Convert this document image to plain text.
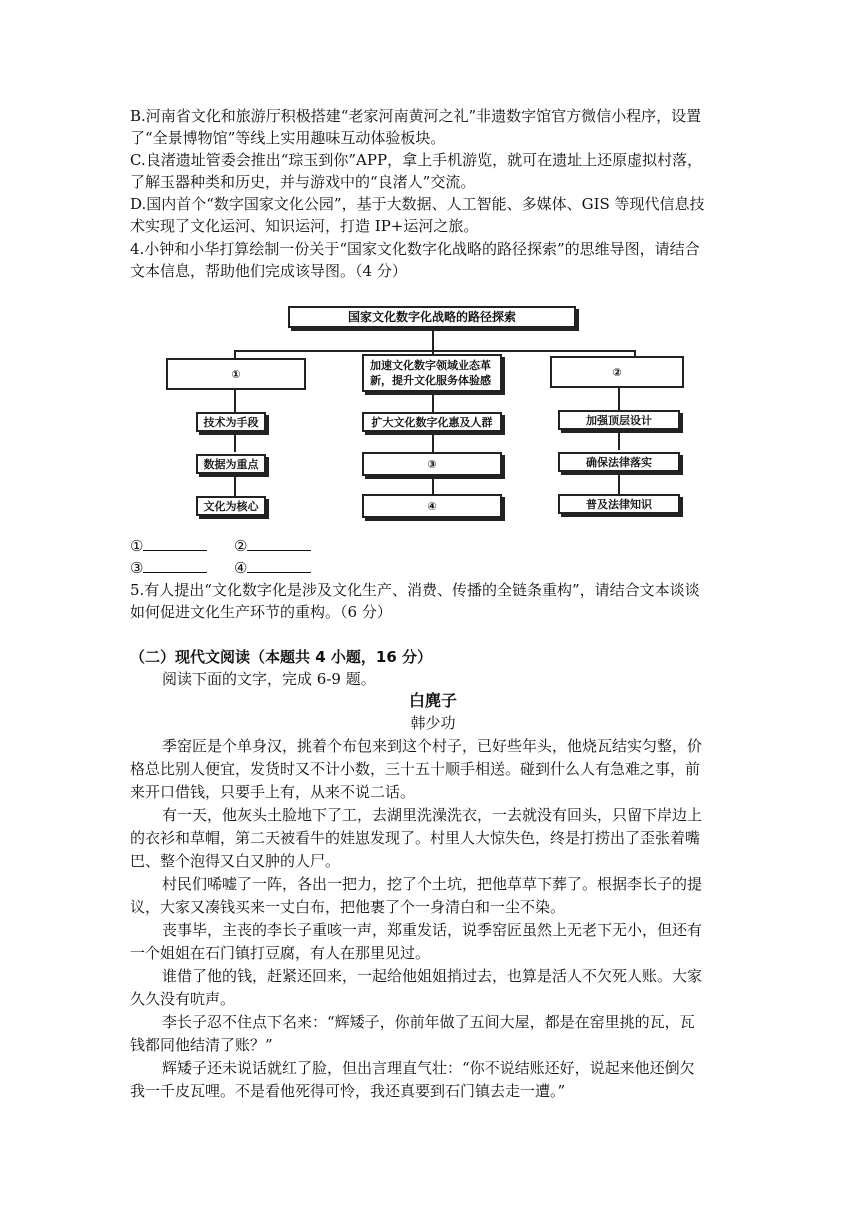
B.河南省文化和旅游厅积极搭建“老家河南黄河之礼”非遗数字馆官方微信小程序，设置
了“全景博物馆”等线上实用趣味互动体验板块。
C.良渚遗址管委会推出“琮玉到你”APP，拿上手机游览，就可在遗址上还原虚拟村落，
了解玉器种类和历史，并与游戏中的“良渚人”交流。
D.国内首个“数字国家文化公园”，基于大数据、人工智能、多媒体、GIS 等现代信息技
术实现了文化运河、知识运河，打造 IP+运河之旅。
4.小钟和小华打算绘制一份关于“国家文化数字化战略的路径探索”的思维导图，请结合
文本信息，帮助他们完成该导图。（4 分）
国家文化数字化战略的路径探索
①
技术为手段
数据为重点
文化为核心
加速文化数字领域业态革新，提升文化服务体验感
扩大文化数字化惠及人群
③
④
②
加强顶层设计
确保法律落实
普及法律知识
①	②
③	④
5.有人提出“文化数字化是涉及文化生产、消费、传播的全链条重构”，请结合文本谈谈
如何促进文化生产环节的重构。（6 分）
（二）现代文阅读（本题共 4 小题，16 分）
阅读下面的文字，完成 6-9 题。
白麂子
韩少功
季窑匠是个单身汉，挑着个布包来到这个村子，已好些年头，他烧瓦结实匀整，价
格总比别人便宜，发货时又不计小数，三十五十顺手相送。碰到什么人有急难之事，前
来开口借钱，只要手上有，从来不说二话。
有一天，他灰头土脸地下了工，去湖里洗澡洗衣，一去就没有回头，只留下岸边上
的衣衫和草帽，第二天被看牛的娃崽发现了。村里人大惊失色，终是打捞出了歪张着嘴
巴、整个泡得又白又肿的人尸。
村民们唏嘘了一阵，各出一把力，挖了个土坑，把他草草下葬了。根据李长子的提
议，大家又凑钱买来一丈白布，把他裹了个一身清白和一尘不染。
丧事毕，主丧的李长子重咳一声，郑重发话，说季窑匠虽然上无老下无小，但还有
一个姐姐在石门镇打豆腐，有人在那里见过。
谁借了他的钱，赶紧还回来，一起给他姐姐捎过去，也算是活人不欠死人账。大家
久久没有吭声。
李长子忍不住点下名来：“辉矮子，你前年做了五间大屋，都是在窑里挑的瓦，瓦
钱都同他结清了账？”
辉矮子还未说话就红了脸，但出言理直气壮：“你不说结账还好，说起来他还倒欠
我一千皮瓦哩。不是看他死得可怜，我还真要到石门镇去走一遭。”
